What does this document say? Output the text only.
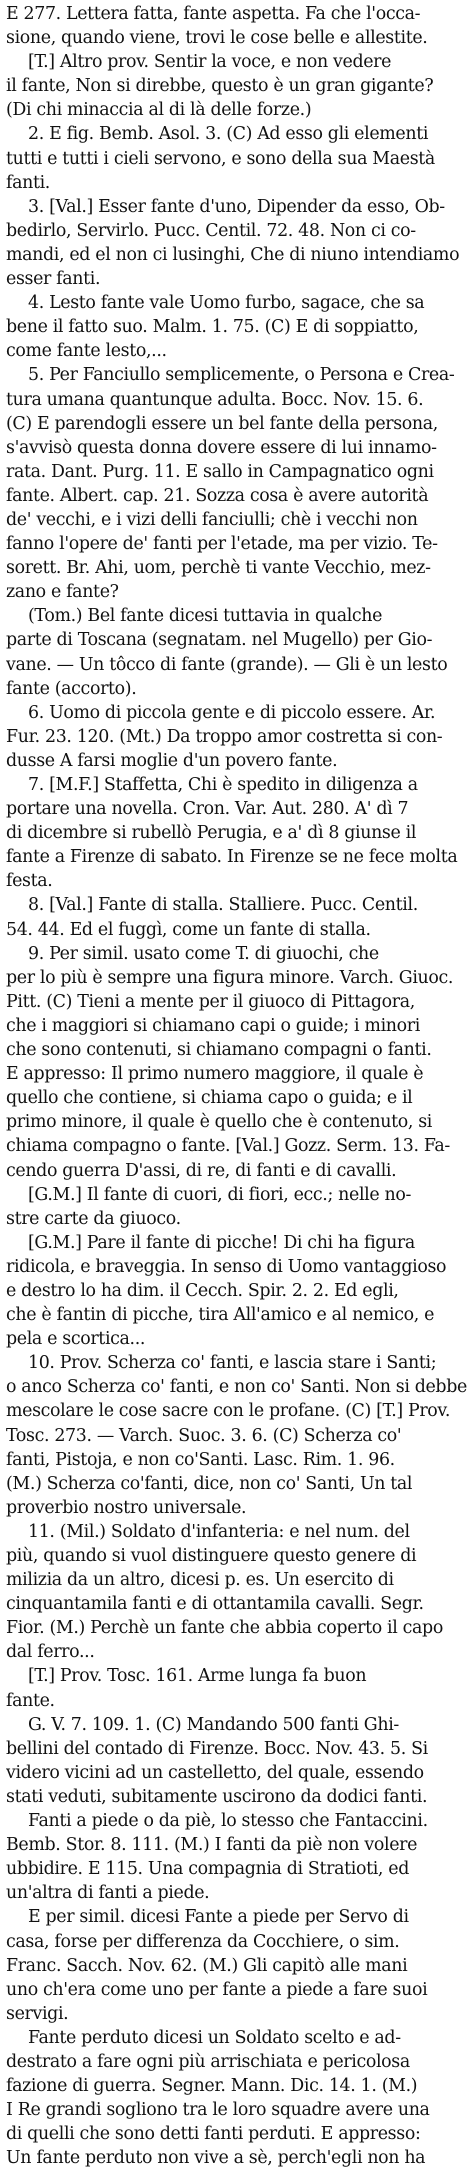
E 277. Lettera fatta, fante aspetta. Fa che l'occa-
sione, quando viene, trovi le cose belle e allestite.
[T.] Altro prov. Sentir la voce, e non vedere
il fante, Non si direbbe, questo è un gran gigante?
(Di chi minaccia al di là delle forze.)
2. E fig. Bemb. Asol. 3. (C) Ad esso gli elementi
tutti e tutti i cieli servono, e sono della sua Maestà
fanti.
3. [Val.] Esser fante d'uno, Dipender da esso, Ob-
bedirlo, Servirlo. Pucc. Centil. 72. 48. Non ci co-
mandi, ed el non ci lusinghi, Che di niuno intendiamo
esser fanti.
4. Lesto fante vale Uomo furbo, sagace, che sa
bene il fatto suo. Malm. 1. 75. (C) E di soppiatto,
come fante lesto,...
5. Per Fanciullo semplicemente, o Persona e Crea-
tura umana quantunque adulta. Bocc. Nov. 15. 6.
(C) E parendogli essere un bel fante della persona,
s'avvisò questa donna dovere essere di lui innamo-
rata. Dant. Purg. 11. E sallo in Campagnatico ogni
fante. Albert. cap. 21. Sozza cosa è avere autorità
de' vecchi, e i vizi delli fanciulli; chè i vecchi non
fanno l'opere de' fanti per l'etade, ma per vizio. Te-
sorett. Br. Ahi, uom, perchè ti vante Vecchio, mez-
zano e fante?
(Tom.) Bel fante dicesi tuttavia in qualche
parte di Toscana (segnatam. nel Mugello) per Gio-
vane. — Un tôcco di fante (grande). — Gli è un lesto
fante (accorto).
6. Uomo di piccola gente e di piccolo essere. Ar.
Fur. 23. 120. (Mt.) Da troppo amor costretta si con-
dusse A farsi moglie d'un povero fante.
7. [M.F.] Staffetta, Chi è spedito in diligenza a
portare una novella. Cron. Var. Aut. 280. A' dì 7
di dicembre si rubellò Perugia, e a' dì 8 giunse il
fante a Firenze di sabato. In Firenze se ne fece molta
festa.
8. [Val.] Fante di stalla. Stalliere. Pucc. Centil.
54. 44. Ed el fuggì, come un fante di stalla.
9. Per simil. usato come T. di giuochi, che
per lo più è sempre una figura minore. Varch. Giuoc.
Pitt. (C) Tieni a mente per il giuoco di Pittagora,
che i maggiori si chiamano capi o guide; i minori
che sono contenuti, si chiamano compagni o fanti.
E appresso: Il primo numero maggiore, il quale è
quello che contiene, si chiama capo o guida; e il
primo minore, il quale è quello che è contenuto, si
chiama compagno o fante. [Val.] Gozz. Serm. 13. Fa-
cendo guerra D'assi, di re, di fanti e di cavalli.
[G.M.] Il fante di cuori, di fiori, ecc.; nelle no-
stre carte da giuoco.
[G.M.] Pare il fante di picche! Di chi ha figura
ridicola, e braveggia. In senso di Uomo vantaggioso
e destro lo ha dim. il Cecch. Spir. 2. 2. Ed egli,
che è fantin di picche, tira All'amico e al nemico, e
pela e scortica...
10. Prov. Scherza co' fanti, e lascia stare i Santi;
o anco Scherza co' fanti, e non co' Santi. Non si debbe
mescolare le cose sacre con le profane. (C) [T.] Prov.
Tosc. 273. — Varch. Suoc. 3. 6. (C) Scherza co'
fanti, Pistoja, e non co'Santi. Lasc. Rim. 1. 96.
(M.) Scherza co'fanti, dice, non co' Santi, Un tal
proverbio nostro universale.
11. (Mil.) Soldato d'infanteria: e nel num. del
più, quando si vuol distinguere questo genere di
milizia da un altro, dicesi p. es. Un esercito di
cinquantamila fanti e di ottantamila cavalli. Segr.
Fior. (M.) Perchè un fante che abbia coperto il capo
dal ferro...
[T.] Prov. Tosc. 161. Arme lunga fa buon
fante.
G. V. 7. 109. 1. (C) Mandando 500 fanti Ghi-
bellini del contado di Firenze. Bocc. Nov. 43. 5. Si
videro vicini ad un castelletto, del quale, essendo
stati veduti, subitamente uscirono da dodici fanti.
Fanti a piede o da piè, lo stesso che Fantaccini.
Bemb. Stor. 8. 111. (M.) I fanti da piè non volere
ubbidire. E 115. Una compagnia di Stratioti, ed
un'altra di fanti a piede.
E per simil. dicesi Fante a piede per Servo di
casa, forse per differenza da Cocchiere, o sim.
Franc. Sacch. Nov. 62. (M.) Gli capitò alle mani
uno ch'era come uno per fante a piede a fare suoi
servigi.
Fante perduto dicesi un Soldato scelto e ad-
destrato a fare ogni più arrischiata e pericolosa
fazione di guerra. Segner. Mann. Dic. 14. 1. (M.)
I Re grandi sogliono tra le loro squadre avere una
di quelli che sono detti fanti perduti. E appresso:
Un fante perduto non vive a sè, perch'egli non ha
